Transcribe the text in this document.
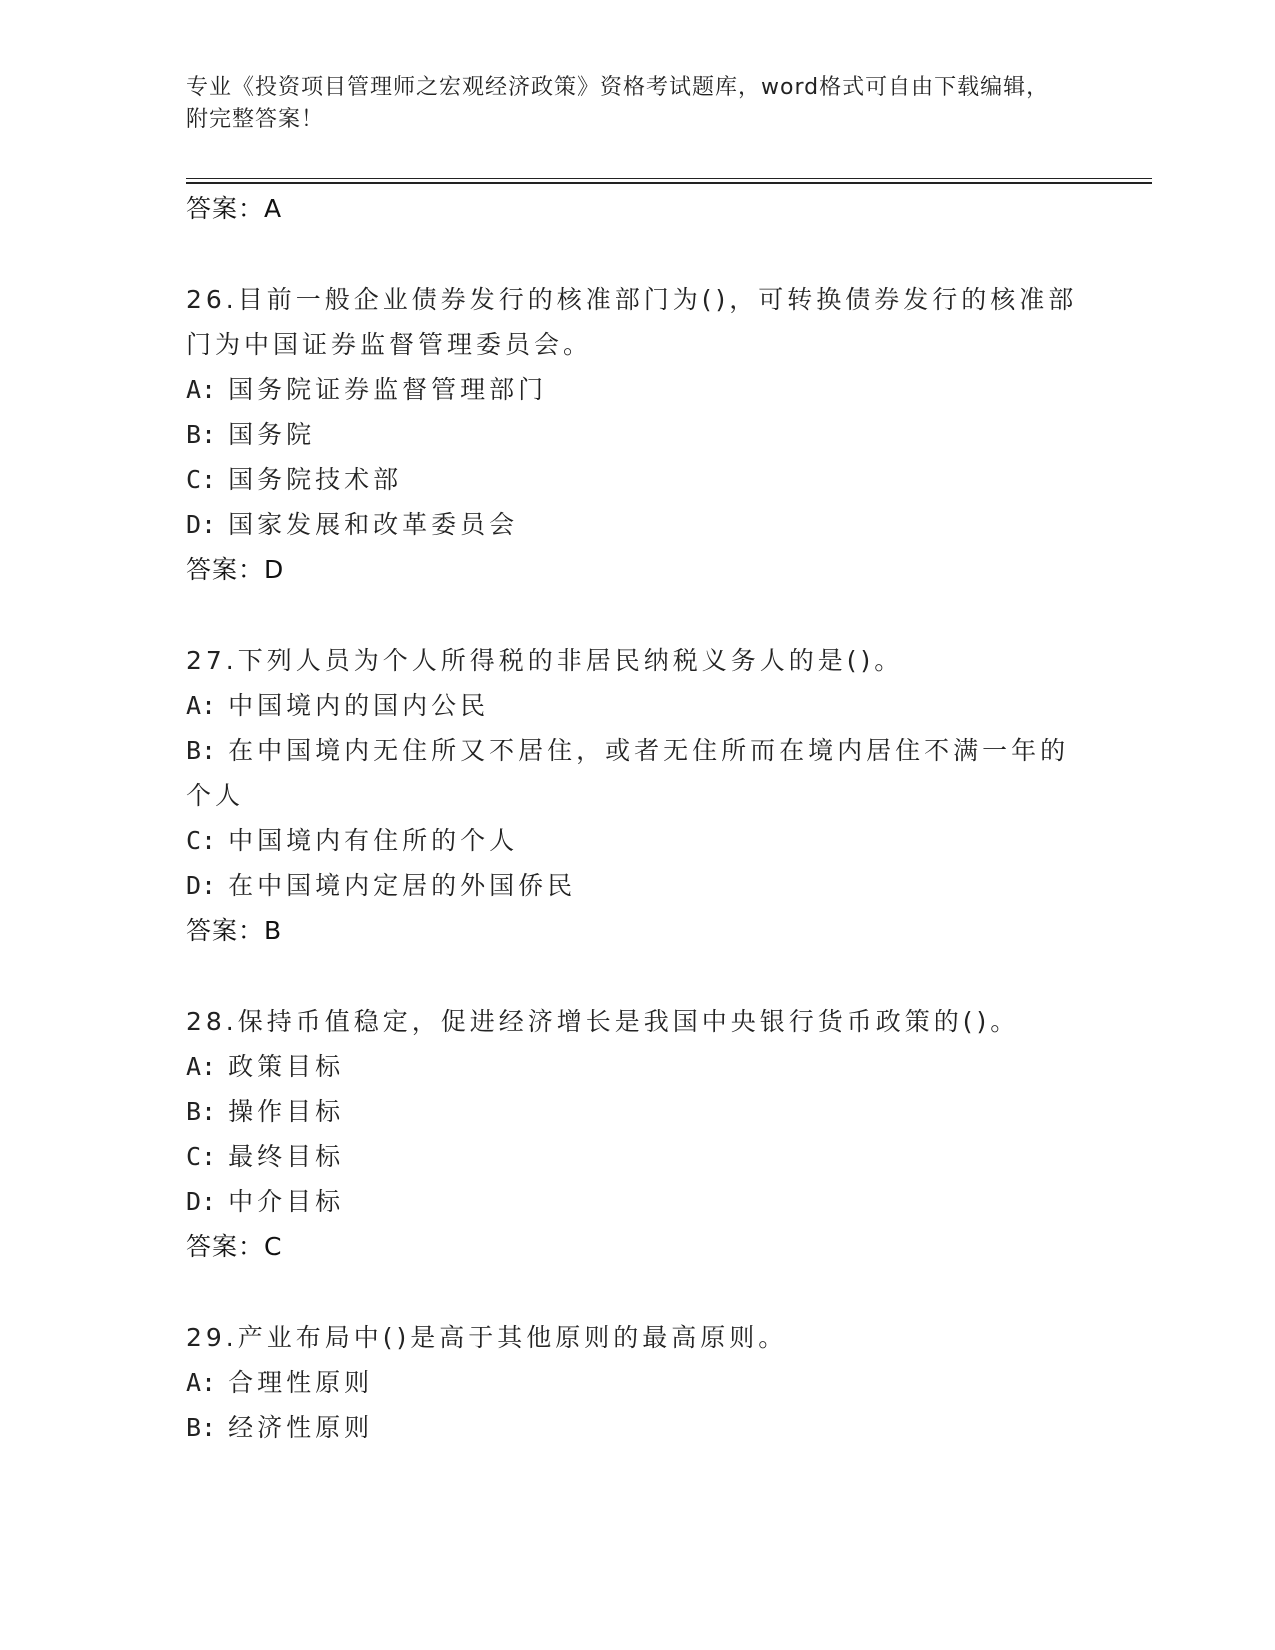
专业《投资项目管理师之宏观经济政策》资格考试题库，word格式可自由下载编辑，附完整答案！
答案：A
26.目前一般企业债券发行的核准部门为()，可转换债券发行的核准部门为中国证券监督管理委员会。
A: 国务院证券监督管理部门
B: 国务院
C: 国务院技术部
D: 国家发展和改革委员会
答案：D
27.下列人员为个人所得税的非居民纳税义务人的是()。
A: 中国境内的国内公民
B: 在中国境内无住所又不居住，或者无住所而在境内居住不满一年的个人
C: 中国境内有住所的个人
D: 在中国境内定居的外国侨民
答案：B
28.保持币值稳定，促进经济增长是我国中央银行货币政策的()。
A: 政策目标
B: 操作目标
C: 最终目标
D: 中介目标
答案：C
29.产业布局中()是高于其他原则的最高原则。
A: 合理性原则
B: 经济性原则
